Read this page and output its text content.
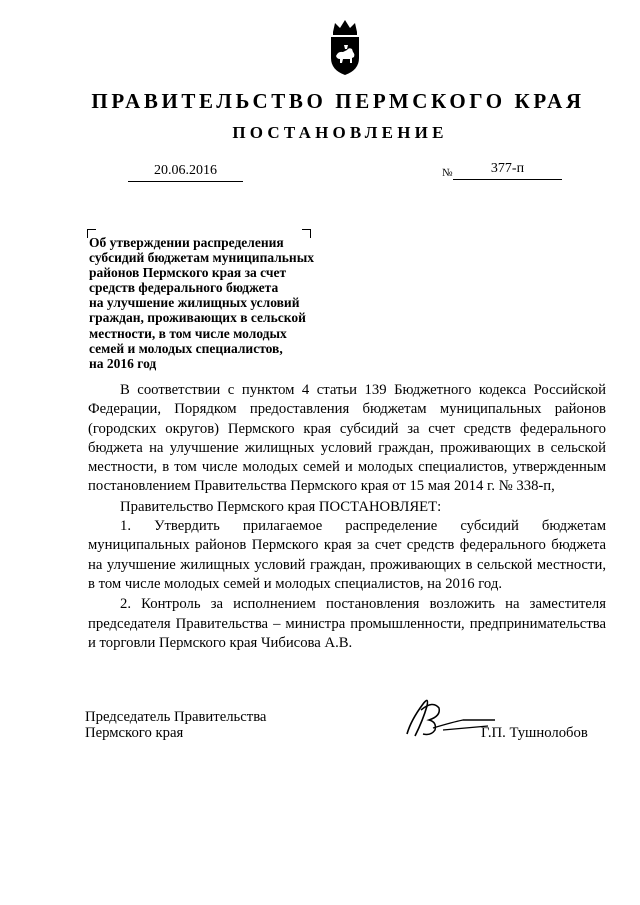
ПРАВИТЕЛЬСТВО ПЕРМСКОГО КРАЯ
ПОСТАНОВЛЕНИЕ
20.06.2016	№	377-п
Об утверждении распределения
субсидий бюджетам муниципальных
районов Пермского края за счет
средств федерального бюджета
на улучшение жилищных условий
граждан, проживающих в сельской
местности, в том числе молодых
семей и молодых специалистов,
на 2016 год

В соответствии с пунктом 4 статьи 139 Бюджетного кодекса Российской Федерации, Порядком предоставления бюджетам муниципальных районов (городских округов) Пермского края субсидий за счет средств федерального бюджета на улучшение жилищных условий граждан, проживающих в сельской местности, в том числе молодых семей и молодых специалистов, утвержденным постановлением Правительства Пермского края от 15 мая 2014 г. № 338-п,

Правительство Пермского края ПОСТАНОВЛЯЕТ:

1. Утвердить прилагаемое распределение субсидий бюджетам муниципальных районов Пермского края за счет средств федерального бюджета на улучшение жилищных условий граждан, проживающих в сельской местности, в том числе молодых семей и молодых специалистов, на 2016 год.

2. Контроль за исполнением постановления возложить на заместителя председателя Правительства – министра промышленности, предпринимательства и торговли Пермского края Чибисова А.В.

Председатель Правительства
Пермского края	Г.П. Тушнолобов
